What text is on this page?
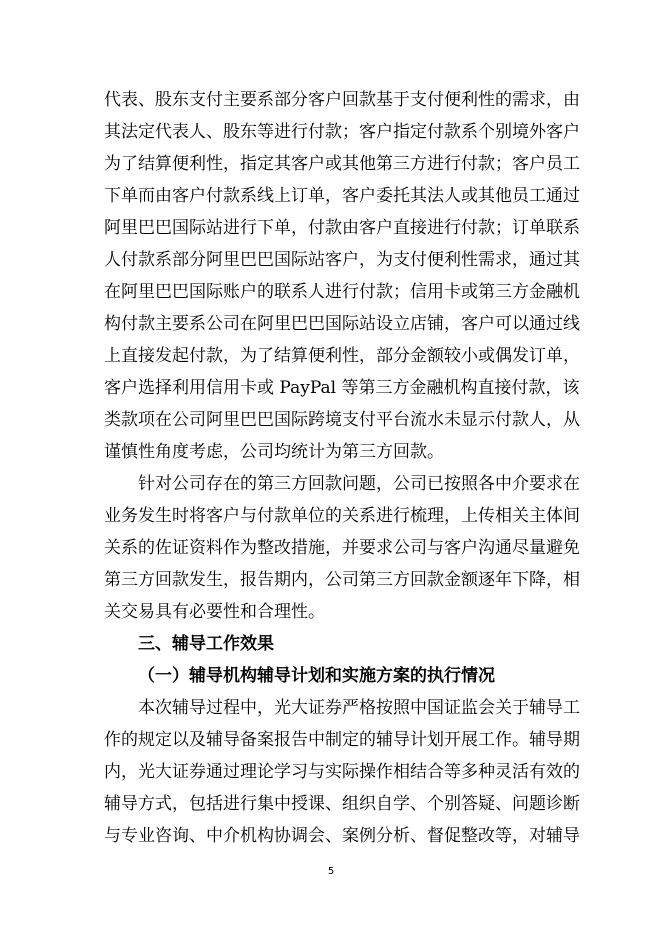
代表、股东支付主要系部分客户回款基于支付便利性的需求，由
其法定代表人、股东等进行付款；客户指定付款系个别境外客户
为了结算便利性，指定其客户或其他第三方进行付款；客户员工
下单而由客户付款系线上订单，客户委托其法人或其他员工通过
阿里巴巴国际站进行下单，付款由客户直接进行付款；订单联系
人付款系部分阿里巴巴国际站客户，为支付便利性需求，通过其
在阿里巴巴国际账户的联系人进行付款；信用卡或第三方金融机
构付款主要系公司在阿里巴巴国际站设立店铺，客户可以通过线
上直接发起付款，为了结算便利性，部分金额较小或偶发订单，
客户选择利用信用卡或 PayPal 等第三方金融机构直接付款，该
类款项在公司阿里巴巴国际跨境支付平台流水未显示付款人，从
谨慎性角度考虑，公司均统计为第三方回款。
针对公司存在的第三方回款问题，公司已按照各中介要求在
业务发生时将客户与付款单位的关系进行梳理，上传相关主体间
关系的佐证资料作为整改措施，并要求公司与客户沟通尽量避免
第三方回款发生，报告期内，公司第三方回款金额逐年下降，相
关交易具有必要性和合理性。
三、辅导工作效果
（一）辅导机构辅导计划和实施方案的执行情况
本次辅导过程中，光大证券严格按照中国证监会关于辅导工
作的规定以及辅导备案报告中制定的辅导计划开展工作。辅导期
内，光大证券通过理论学习与实际操作相结合等多种灵活有效的
辅导方式，包括进行集中授课、组织自学、个别答疑、问题诊断
与专业咨询、中介机构协调会、案例分析、督促整改等，对辅导
5
